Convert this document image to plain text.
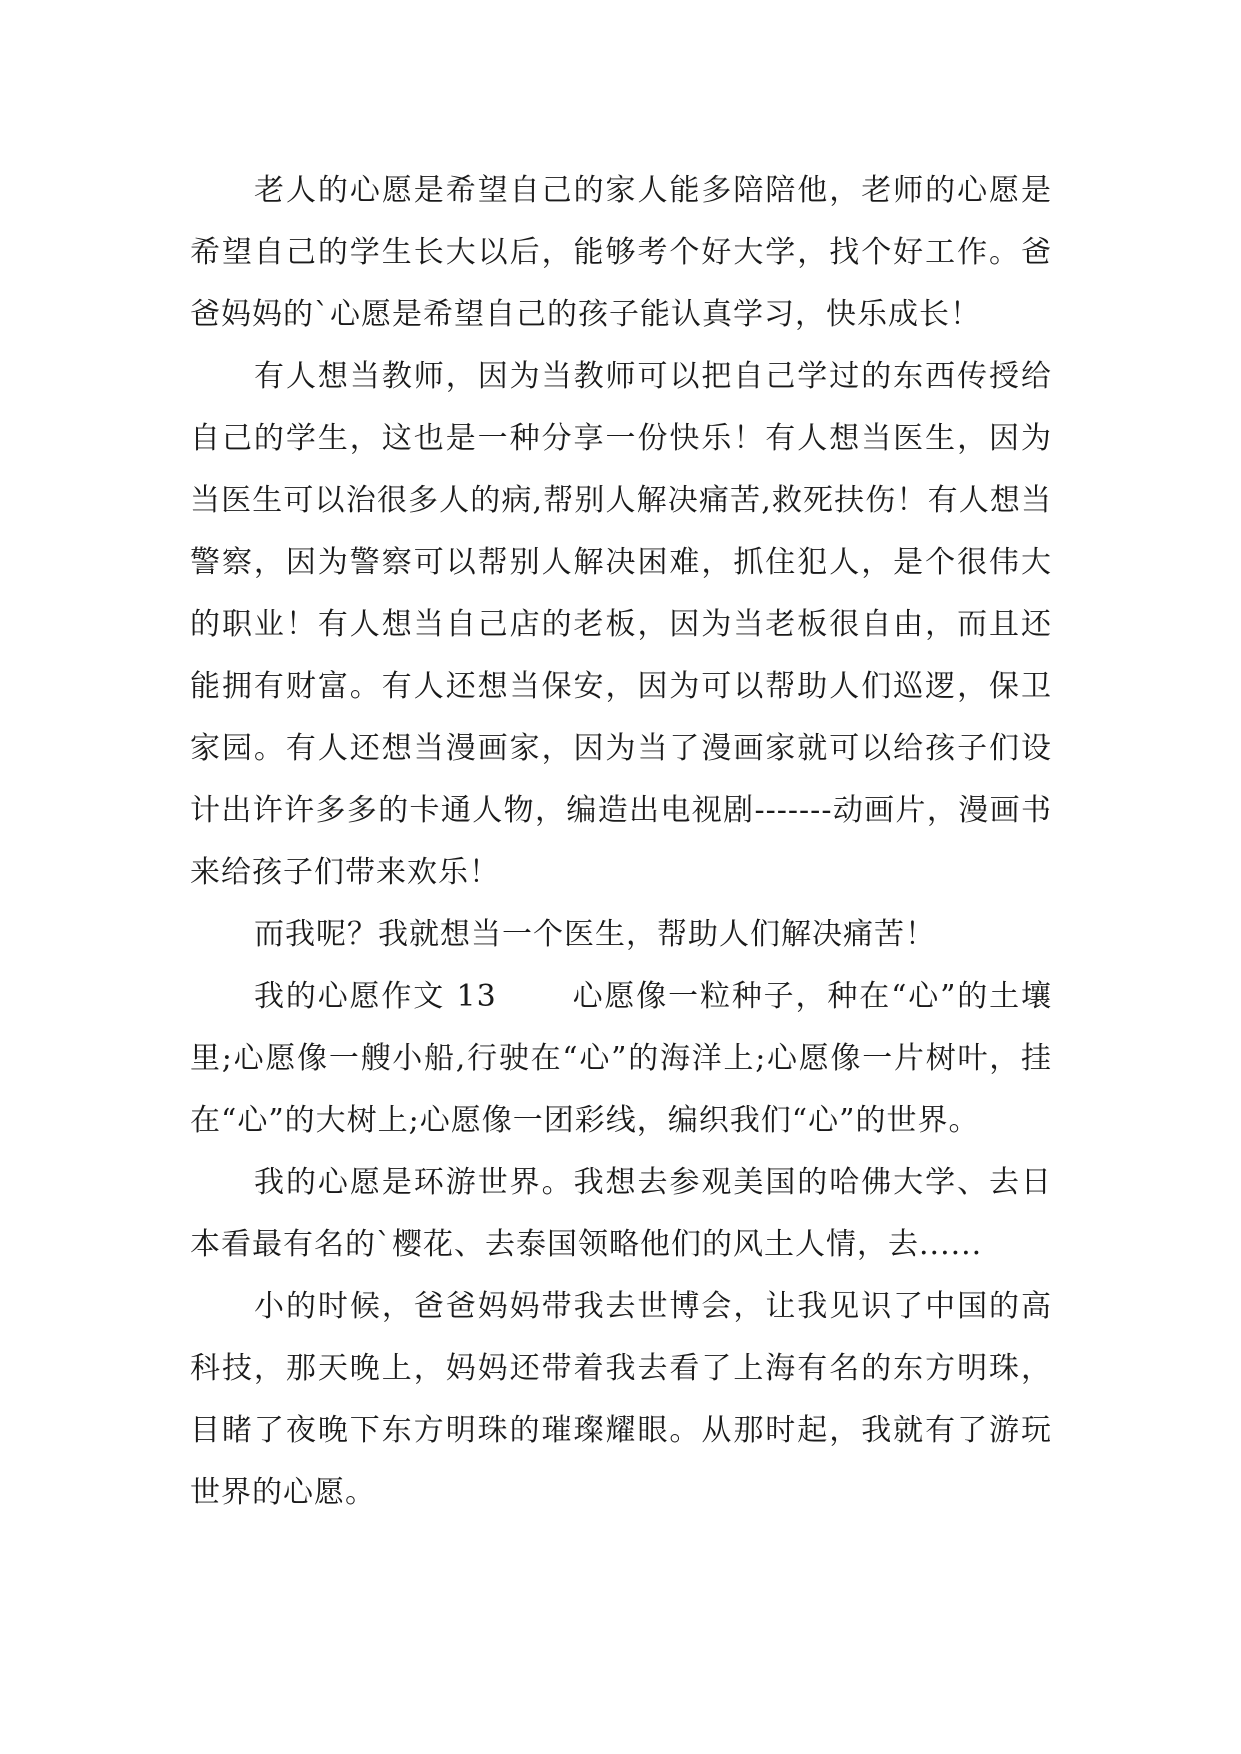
老人的心愿是希望自己的家人能多陪陪他，老师的心愿是希望自己的学生长大以后，能够考个好大学，找个好工作。爸爸妈妈的`心愿是希望自己的孩子能认真学习，快乐成长！

有人想当教师，因为当教师可以把自己学过的东西传授给自己的学生，这也是一种分享一份快乐！有人想当医生，因为当医生可以治很多人的病,帮别人解决痛苦,救死扶伤！有人想当警察，因为警察可以帮别人解决困难，抓住犯人，是个很伟大的职业！有人想当自己店的老板，因为当老板很自由，而且还能拥有财富。有人还想当保安，因为可以帮助人们巡逻，保卫家园。有人还想当漫画家，因为当了漫画家就可以给孩子们设计出许许多多的卡通人物，编造出电视剧-------动画片，漫画书来给孩子们带来欢乐！

而我呢？我就想当一个医生，帮助人们解决痛苦！

我的心愿作文 13　　 心愿像一粒种子，种在“心”的土壤里;心愿像一艘小船,行驶在“心”的海洋上;心愿像一片树叶，挂在“心”的大树上;心愿像一团彩线，编织我们“心”的世界。

我的心愿是环游世界。我想去参观美国的哈佛大学、去日本看最有名的`樱花、去泰国领略他们的风土人情，去......

小的时候，爸爸妈妈带我去世博会，让我见识了中国的高科技，那天晚上，妈妈还带着我去看了上海有名的东方明珠，目睹了夜晚下东方明珠的璀璨耀眼。从那时起，我就有了游玩世界的心愿。
